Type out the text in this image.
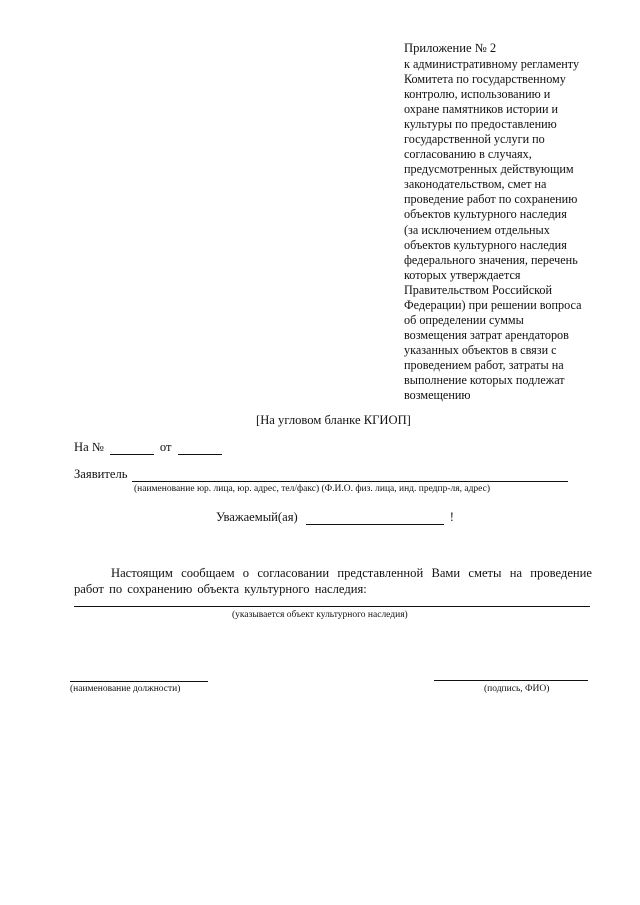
Приложение № 2
к административному регламенту
Комитета по государственному
контролю, использованию и
охране памятников истории и
культуры по предоставлению
государственной услуги по
согласованию в случаях,
предусмотренных действующим
законодательством, смет на
проведение работ по сохранению
объектов культурного наследия
(за исключением отдельных
объектов культурного наследия
федерального значения, перечень
которых утверждается
Правительством Российской
Федерации) при решении вопроса
об определении суммы
возмещения затрат арендаторов
указанных объектов в связи с
проведением работ, затраты на
выполнение которых подлежат
возмещению
[На угловом бланке КГИОП]
На №	от
Заявитель
(наименование юр. лица, юр. адрес, тел/факс) (Ф.И.О. физ. лица, инд. предпр-ля, адрес)
Уважаемый(ая)	!
Настоящим сообщаем о согласовании представленной Вами сметы на проведение работ по сохранению объекта культурного наследия:
(указывается объект культурного наследия)
(наименование должности)	(подпись, ФИО)
